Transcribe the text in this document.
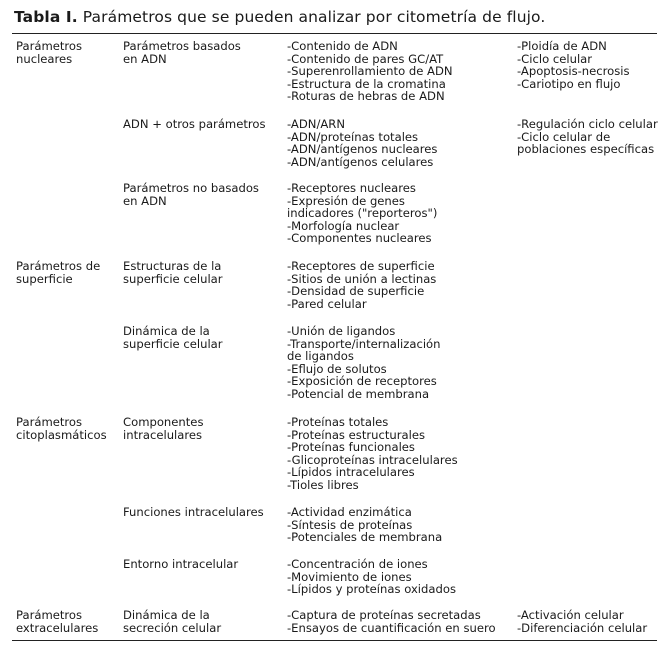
Tabla I. Parámetros que se pueden analizar por citometría de flujo.
Parámetros
nucleares
Parámetros basados
en ADN
-Contenido de ADN
-Contenido de pares GC/AT
-Superenrollamiento de ADN
-Estructura de la cromatina
-Roturas de hebras de ADN
-Ploidía de ADN
-Ciclo celular
-Apoptosis-necrosis
-Cariotipo en flujo
ADN + otros parámetros -ADN/ARN
-ADN/proteínas totales
-ADN/antígenos nucleares
-ADN/antígenos celulares
-Regulación ciclo celular
-Ciclo celular de
poblaciones específicas
Parámetros no basados
en ADN
-Receptores nucleares
-Expresión de genes
indicadores ("reporteros")
-Morfología nuclear
-Componentes nucleares
Parámetros de
superficie
Estructuras de la
superficie celular
-Receptores de superficie
-Sitios de unión a lectinas
-Densidad de superficie
-Pared celular
Dinámica de la
superficie celular
-Unión de ligandos
-Transporte/internalización
de ligandos
-Eflujo de solutos
-Exposición de receptores
-Potencial de membrana
Parámetros
citoplasmáticos
Componentes
intracelulares
-Proteínas totales
-Proteínas estructurales
-Proteínas funcionales
-Glicoproteínas intracelulares
-Lípidos intracelulares
-Tioles libres
Funciones intracelulares -Actividad enzimática
-Síntesis de proteínas
-Potenciales de membrana
Entorno intracelular	-Concentración de iones
-Movimiento de iones
-Lípidos y proteínas oxidados
Parámetros
extracelulares
Dinámica de la
secreción celular
-Captura de proteínas secretadas
-Ensayos de cuantificación en suero
-Activación celular
-Diferenciación celular
